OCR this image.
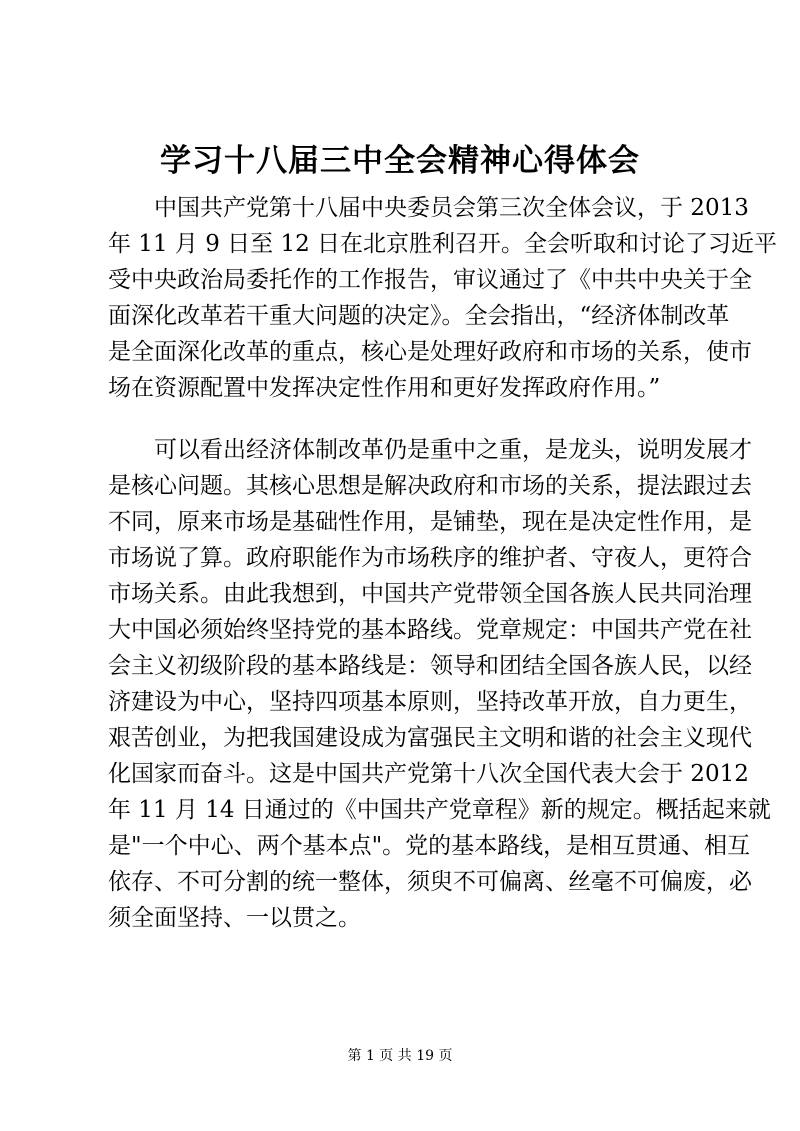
学习十八届三中全会精神心得体会

　　中国共产党第十八届中央委员会第三次全体会议，于 2013

年 11 月 9 日至 12 日在北京胜利召开。全会听取和讨论了习近平

受中央政治局委托作的工作报告，审议通过了《中共中央关于全

面深化改革若干重大问题的决定》。全会指出，“经济体制改革

是全面深化改革的重点，核心是处理好政府和市场的关系，使市

场在资源配置中发挥决定性作用和更好发挥政府作用。”

　　可以看出经济体制改革仍是重中之重，是龙头，说明发展才

是核心问题。其核心思想是解决政府和市场的关系，提法跟过去

不同，原来市场是基础性作用，是铺垫，现在是决定性作用，是

市场说了算。政府职能作为市场秩序的维护者、守夜人，更符合

市场关系。由此我想到，中国共产党带领全国各族人民共同治理

大中国必须始终坚持党的基本路线。党章规定：中国共产党在社

会主义初级阶段的基本路线是：领导和团结全国各族人民，以经

济建设为中心，坚持四项基本原则，坚持改革开放，自力更生，

艰苦创业，为把我国建设成为富强民主文明和谐的社会主义现代

化国家而奋斗。这是中国共产党第十八次全国代表大会于 2012

年 11 月 14 日通过的《中国共产党章程》新的规定。概括起来就

是"一个中心、两个基本点"。党的基本路线，是相互贯通、相互

依存、不可分割的统一整体，须臾不可偏离、丝毫不可偏废，必

须全面坚持、一以贯之。

第 1 页 共 19 页
